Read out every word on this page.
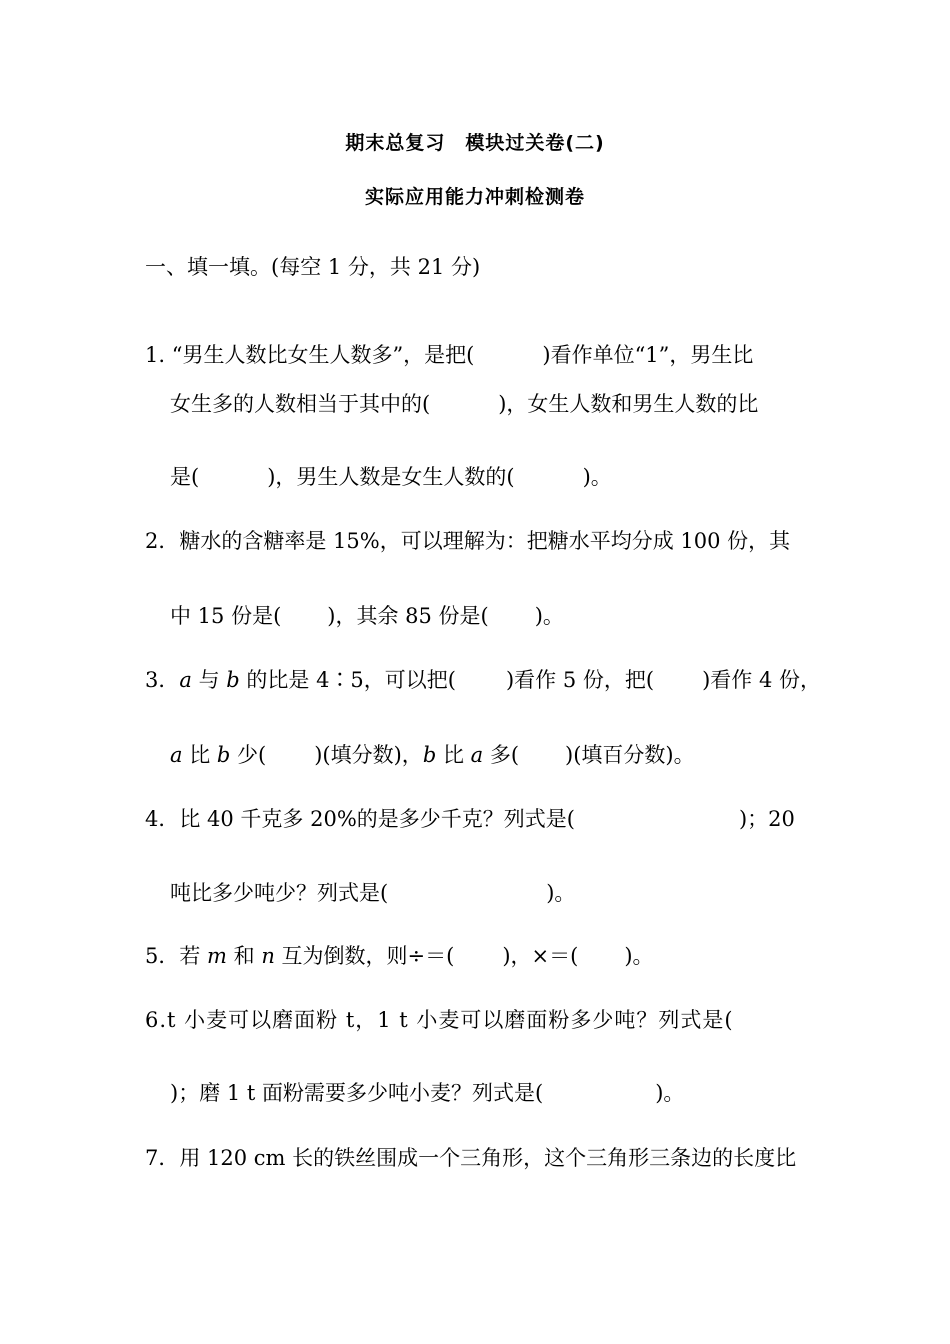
期末总复习　模块过关卷(二)
实际应用能力冲刺检测卷
一、填一填。(每空 1 分，共 21 分)
1. “男生人数比女生人数多”，是把(	)看作单位“1”，男生比
女生多的人数相当于其中的(	)，女生人数和男生人数的比
是(	)，男生人数是女生人数的(	)。
2．糖水的含糖率是 15%，可以理解为：把糖水平均分成 100 份，其
中 15 份是( )，其余 85 份是( )。
3．a 与 b 的比是 4∶5，可以把( )看作 5 份，把( )看作 4 份，
a 比 b 少( )(填分数)，b 比 a 多( )(填百分数)。
4．比 40 千克多 20%的是多少千克？列式是(	)；20
吨比多少吨少？列式是(	)。
5．若 m 和 n 互为倒数，则÷＝( )，×＝( )。
6.t 小麦可以磨面粉 t，1 t 小麦可以磨面粉多少吨？列式是(
)；磨 1 t 面粉需要多少吨小麦？列式是(	)。
7．用 120 cm 长的铁丝围成一个三角形，这个三角形三条边的长度比
